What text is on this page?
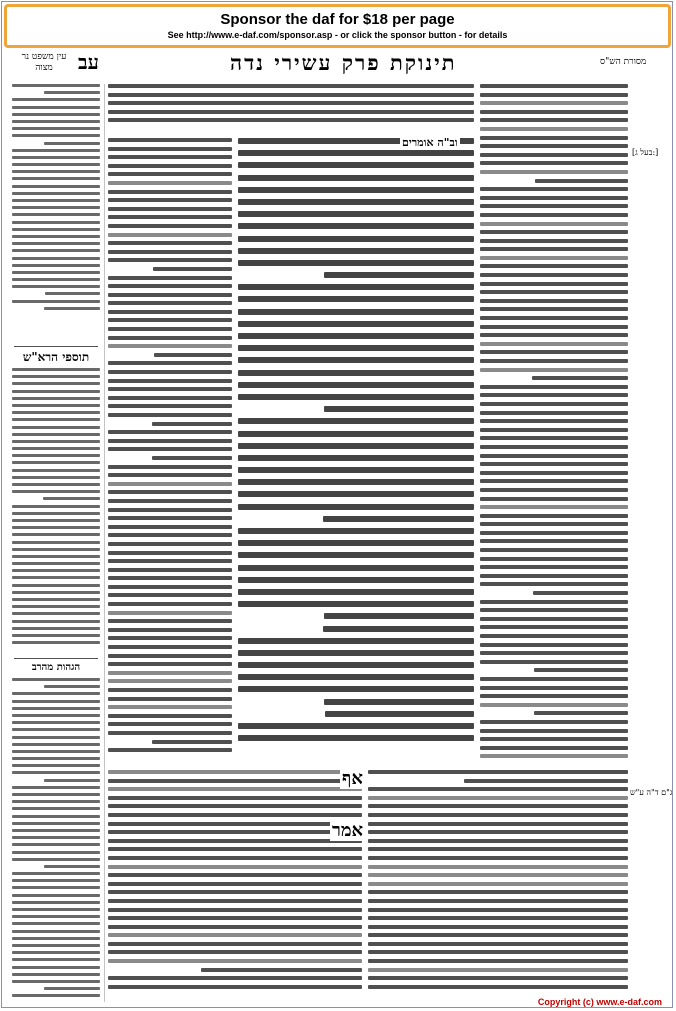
Sponsor the daf for $18 per page
See http://www.e-daf.com/sponsor.asp - or click the sponsor button - for details
מסורת הש"ס
תינוקת פרק עשירי נדה
עב
עין משפט נר מצוה
תוספי הרא"ש
הגהות מהרב
[בעל ג:]
ג"ם ד"ה ע"ש
וב"ה אומרים
אף
אמר
Copyright (c) www.e-daf.com
